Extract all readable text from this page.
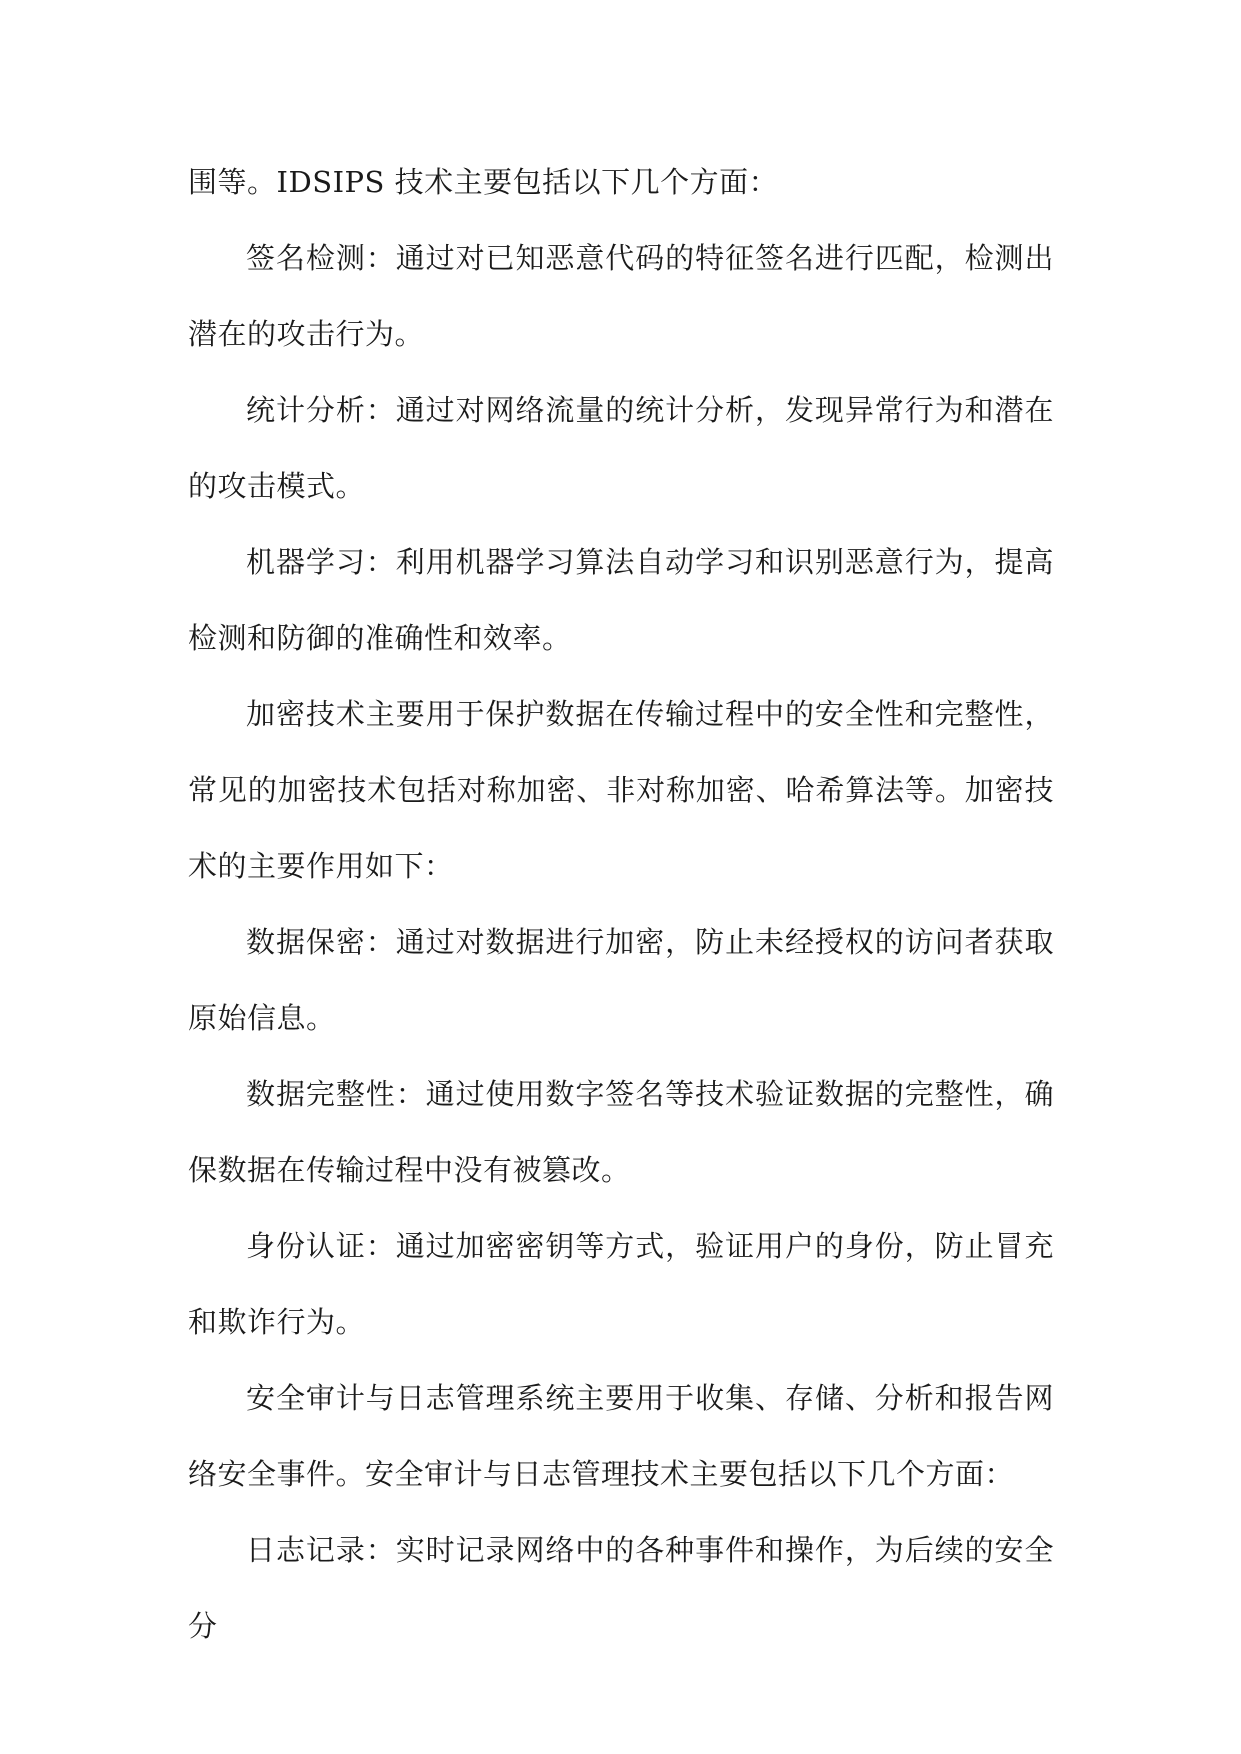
围等。IDSIPS 技术主要包括以下几个方面：

签名检测：通过对已知恶意代码的特征签名进行匹配，检测出潜在的攻击行为。

统计分析：通过对网络流量的统计分析，发现异常行为和潜在的攻击模式。

机器学习：利用机器学习算法自动学习和识别恶意行为，提高检测和防御的准确性和效率。

加密技术主要用于保护数据在传输过程中的安全性和完整性，常见的加密技术包括对称加密、非对称加密、哈希算法等。加密技术的主要作用如下：

数据保密：通过对数据进行加密，防止未经授权的访问者获取原始信息。

数据完整性：通过使用数字签名等技术验证数据的完整性，确保数据在传输过程中没有被篡改。

身份认证：通过加密密钥等方式，验证用户的身份，防止冒充和欺诈行为。

安全审计与日志管理系统主要用于收集、存储、分析和报告网络安全事件。安全审计与日志管理技术主要包括以下几个方面：

日志记录：实时记录网络中的各种事件和操作，为后续的安全分
